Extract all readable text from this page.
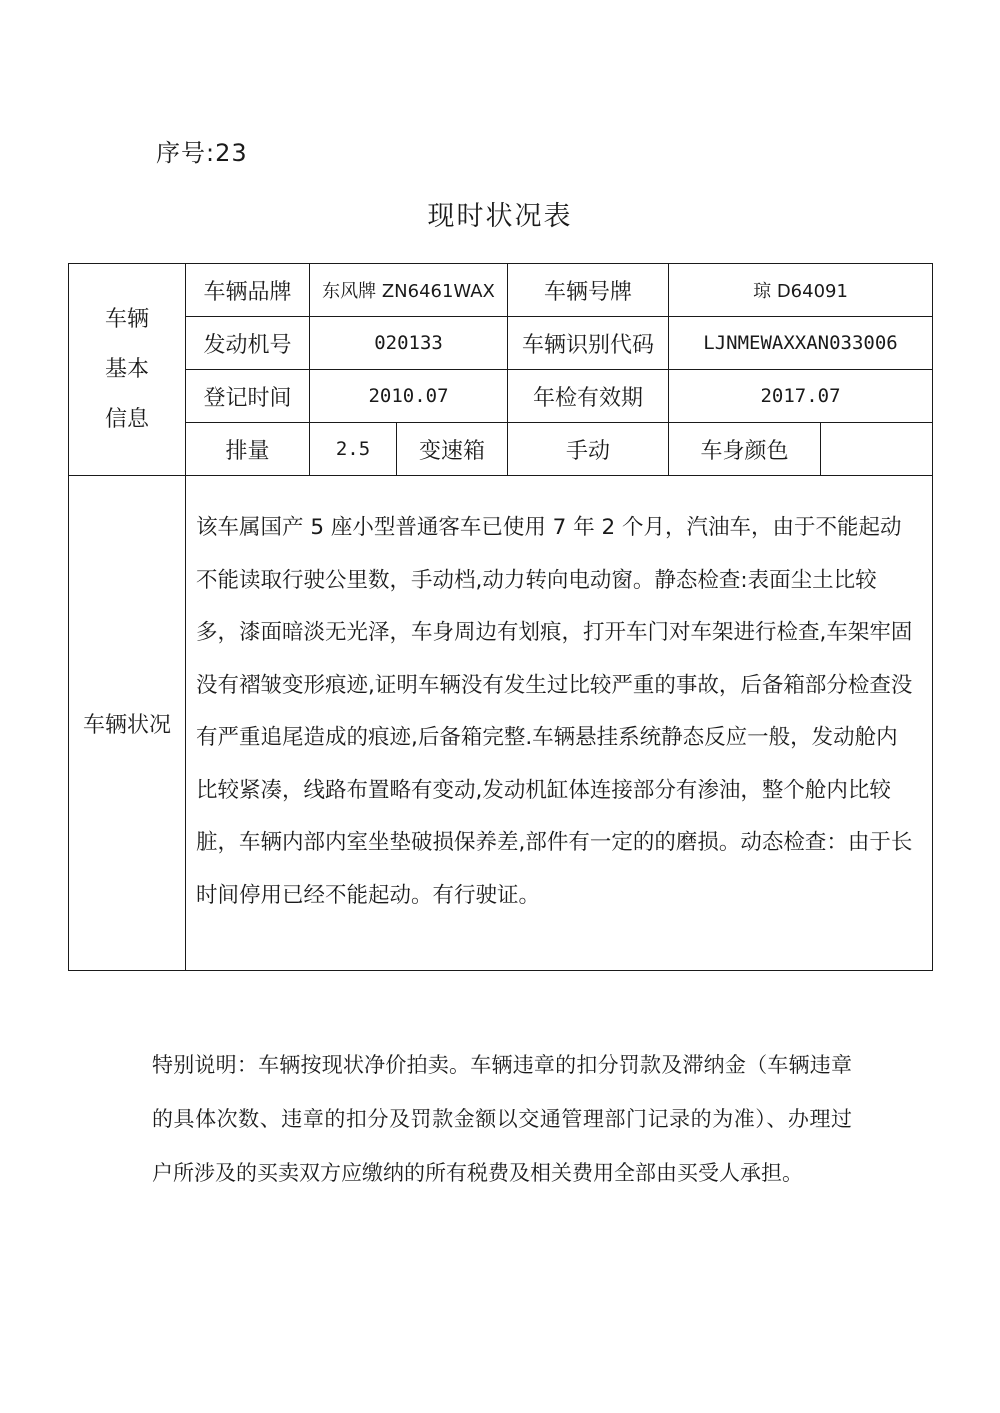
序号:23
现时状况表
车辆
基本
信息	车辆品牌	东风牌 ZN6461WAX		车辆号牌	琼 D64091	
	发动机号	020133		车辆识别代码	LJNMEWAXXAN033006	
	登记时间	2010.07		年检有效期	2017.07	
	排量	2.5	变速箱	手动	车身颜色	
车辆状况	该车属国产 5 座小型普通客车已使用 7 年 2 个月，汽油车，由于不能起动不能读取行驶公里数，手动档,动力转向电动窗。静态检查:表面尘土比较多，漆面暗淡无光泽，车身周边有划痕，打开车门对车架进行检查,车架牢固没有褶皱变形痕迹,证明车辆没有发生过比较严重的事故，后备箱部分检查没有严重追尾造成的痕迹,后备箱完整.车辆悬挂系统静态反应一般，发动舱内比较紧凑，线路布置略有变动,发动机缸体连接部分有渗油，整个舱内比较脏，车辆内部内室坐垫破损保养差,部件有一定的的磨损。动态检查：由于长时间停用已经不能起动。有行驶证。					
特别说明：车辆按现状净价拍卖。车辆违章的扣分罚款及滞纳金（车辆违章的具体次数、违章的扣分及罚款金额以交通管理部门记录的为准）、办理过户所涉及的买卖双方应缴纳的所有税费及相关费用全部由买受人承担。
